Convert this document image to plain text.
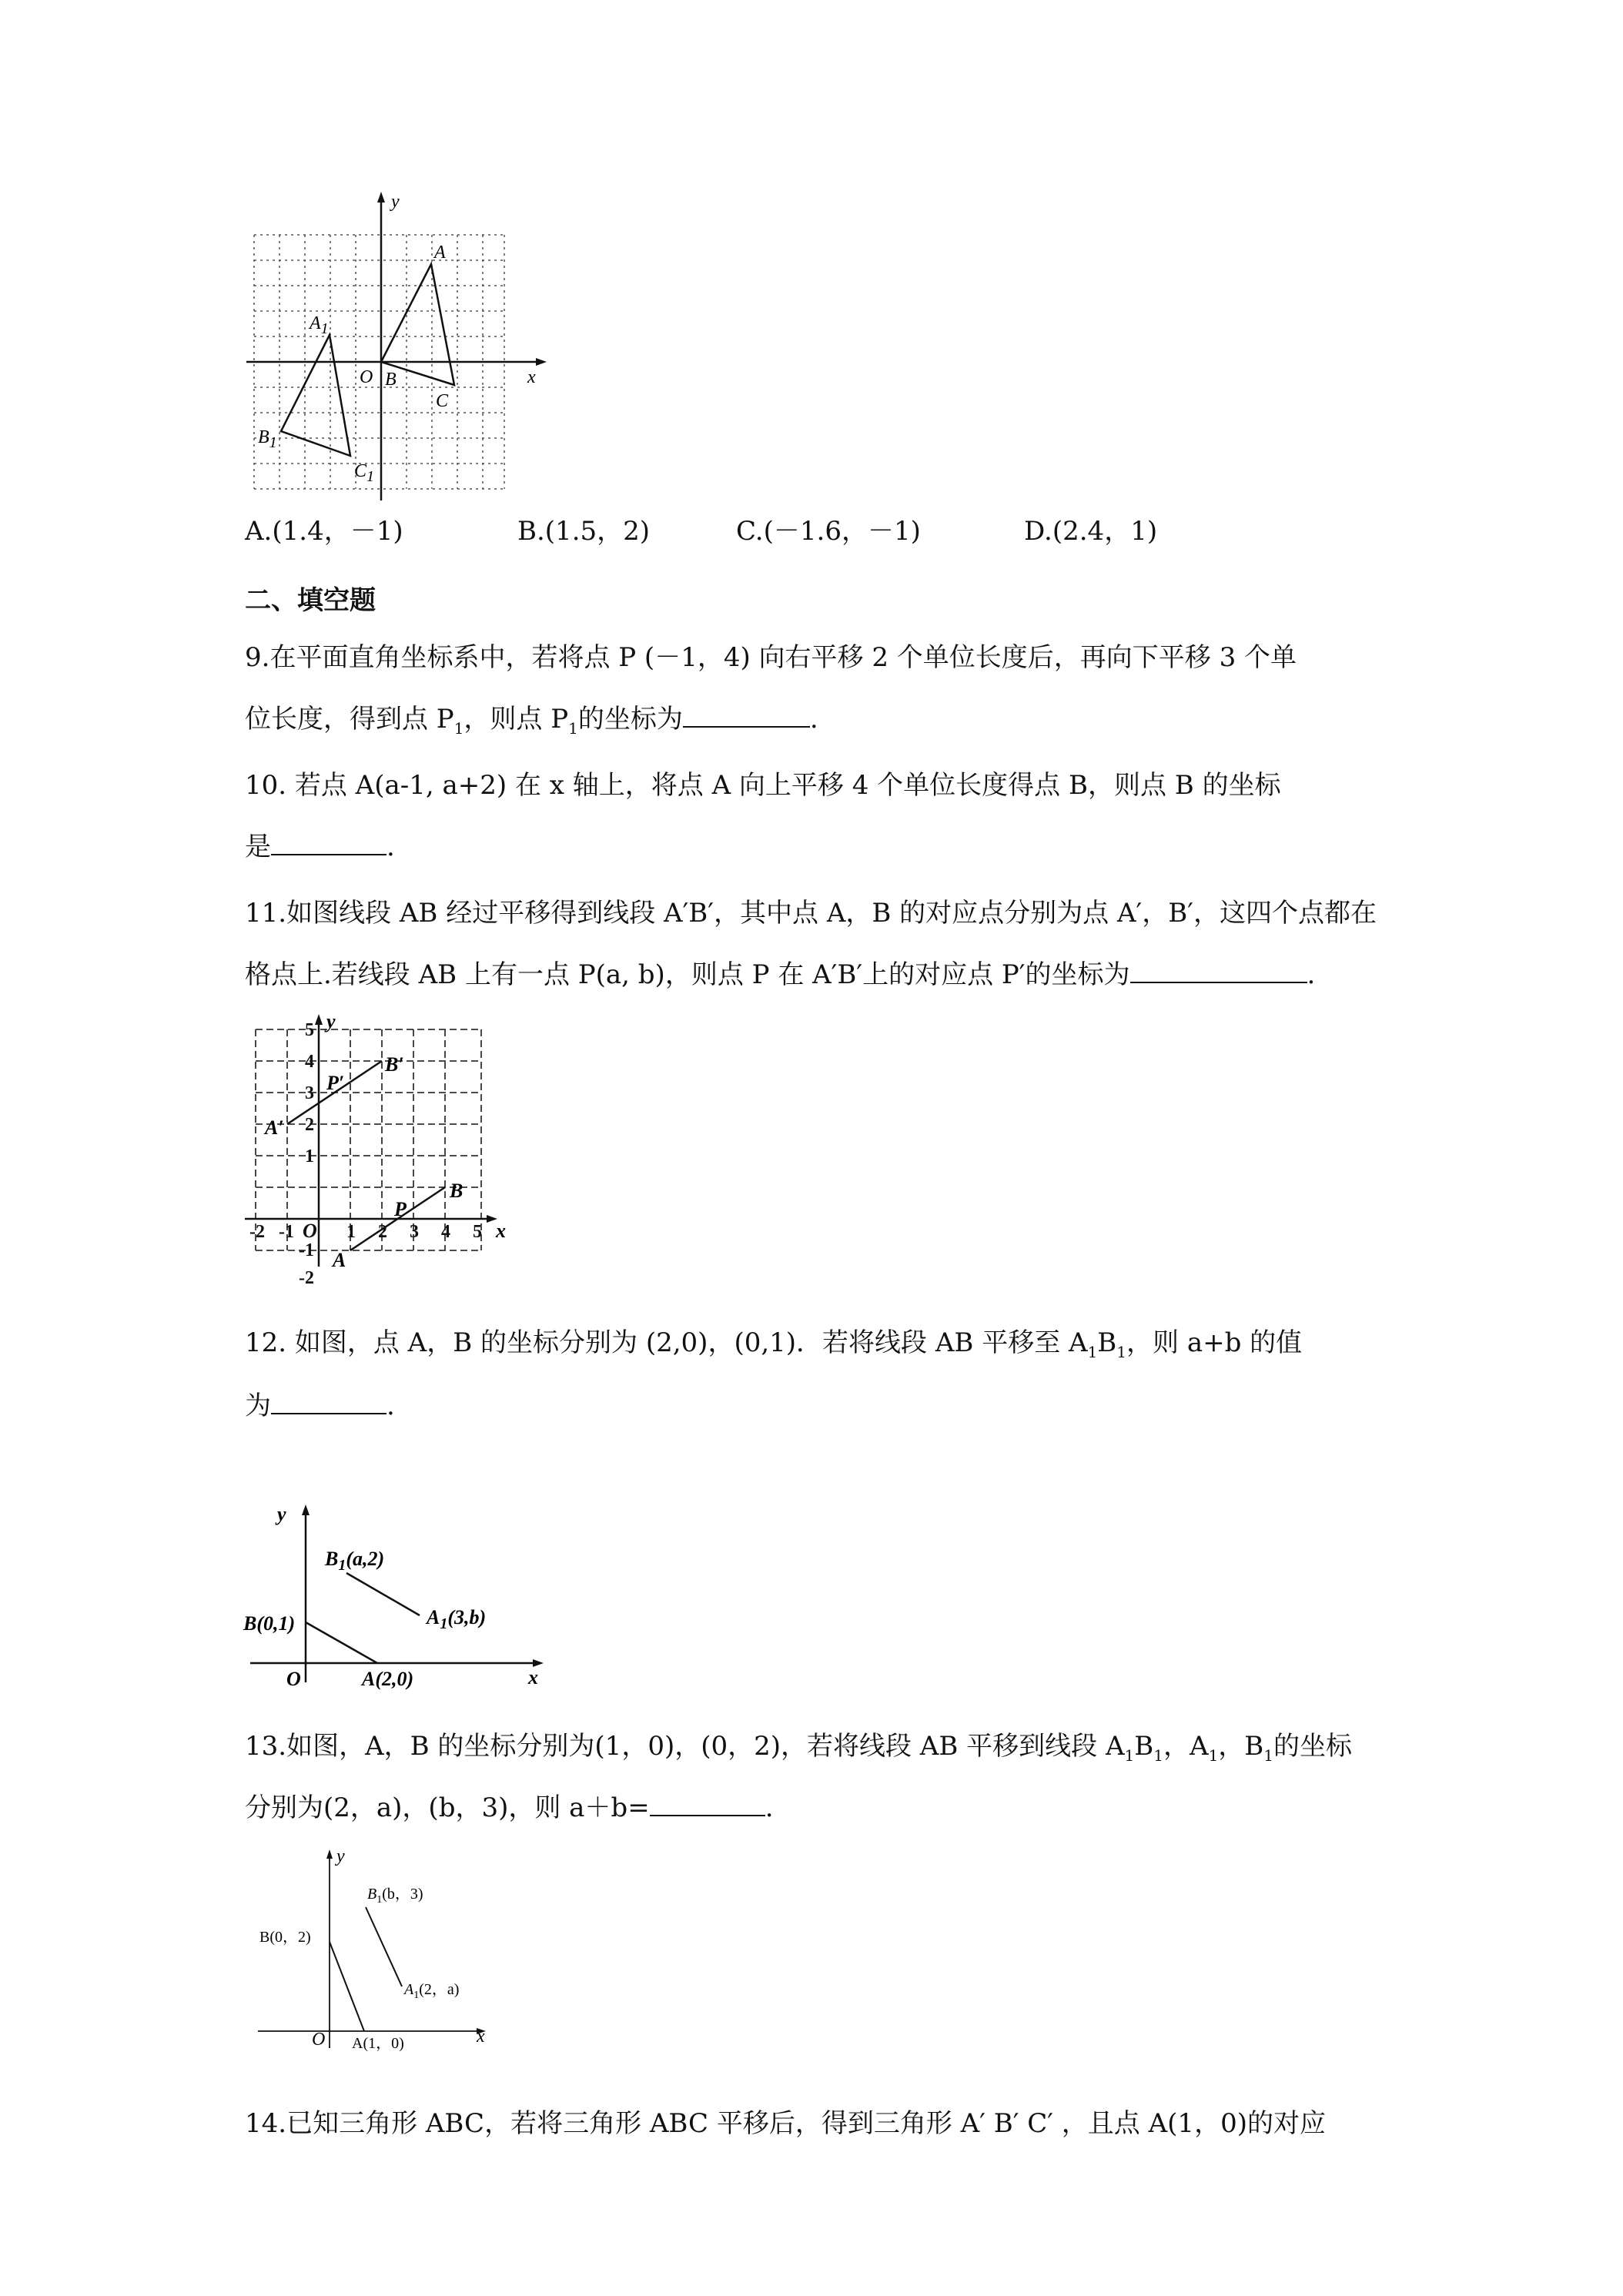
y
x
O B
A
C
$A_1$
$B_1$
$C_1$
A.(1.4，－1)	B.(1.5，2)	C.(－1.6，－1)	D.(2.4，1)
二、填空题
9.在平面直角坐标系中，若将点 P (－1，4) 向右平移 2 个单位长度后，再向下平移 3 个单
位长度，得到点 $P_1$，则点 $P_1$的坐标为	.
10. 若点 A(a-1, a+2) 在 x 轴上，将点 A 向上平移 4 个单位长度得点 B，则点 B 的坐标
是	.
11.如图线段 AB 经过平移得到线段 A′B′，其中点 A，B 的对应点分别为点 A′，B′，这四个点都在
格点上.若线段 AB 上有一点 P(a, b)，则点 P 在 A′B′上的对应点 P′的坐标为	.
y
x
-2 -1 O 1 2 3 4 5
5
4
3
2
1
-1
-2
A′
B′
P′
A
B
P
12. 如图，点 A，B 的坐标分别为 (2,0)，(0,1)．若将线段 AB 平移至 $A_1B_1$，则 a+b 的值
为	.
y
x
O
B(0,1)
A(2,0)
$B_1(a,2)$
$A_1(3,b)$
13.如图，A，B 的坐标分别为(1，0)，(0，2)，若将线段 AB 平移到线段 $A_1B_1$，$A_1$，$B_1$的坐标
分别为(2，a)，(b，3)，则 a＋b=	.
y
x
O
B(0，2)
A(1，0)
$B_1(b$，3)
$A_1(2$，a)
14.已知三角形 ABC，若将三角形 ABC 平移后，得到三角形 A′ B′ C′ ，且点 A(1，0)的对应
